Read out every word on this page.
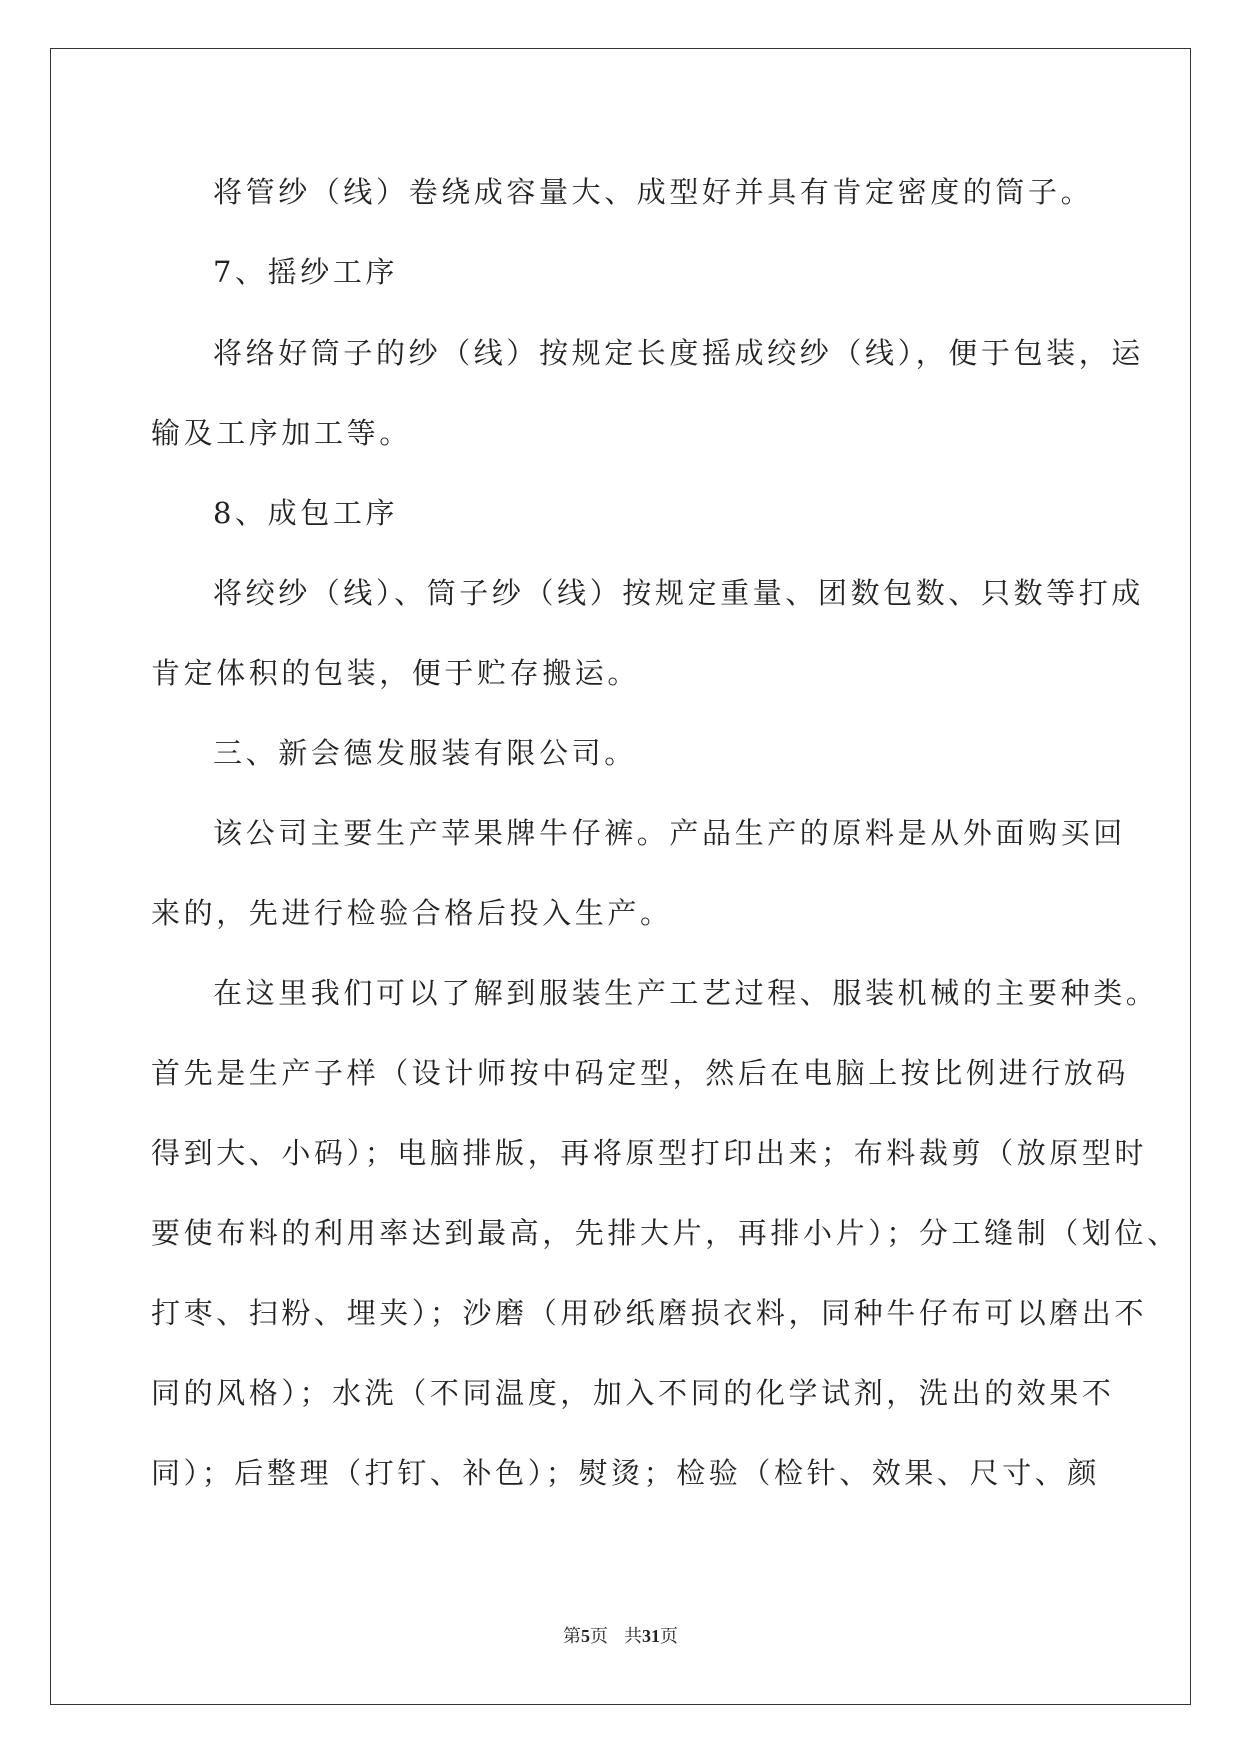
将管纱（线）卷绕成容量大、成型好并具有肯定密度的筒子。
7、摇纱工序
将络好筒子的纱（线）按规定长度摇成绞纱（线），便于包装，运
输及工序加工等。
8、成包工序
将绞纱（线）、筒子纱（线）按规定重量、团数包数、只数等打成
肯定体积的包装，便于贮存搬运。
三、新会德发服装有限公司。
该公司主要生产苹果牌牛仔裤。产品生产的原料是从外面购买回
来的，先进行检验合格后投入生产。
在这里我们可以了解到服装生产工艺过程、服装机械的主要种类。
首先是生产子样（设计师按中码定型，然后在电脑上按比例进行放码
得到大、小码）；电脑排版，再将原型打印出来；布料裁剪（放原型时
要使布料的利用率达到最高，先排大片，再排小片）；分工缝制（划位、
打枣、扫粉、埋夹）；沙磨（用砂纸磨损衣料，同种牛仔布可以磨出不
同的风格）；水洗（不同温度，加入不同的化学试剂，洗出的效果不
同）；后整理（打钉、补色）；熨烫；检验（检针、效果、尺寸、颜
第5页 共31页
